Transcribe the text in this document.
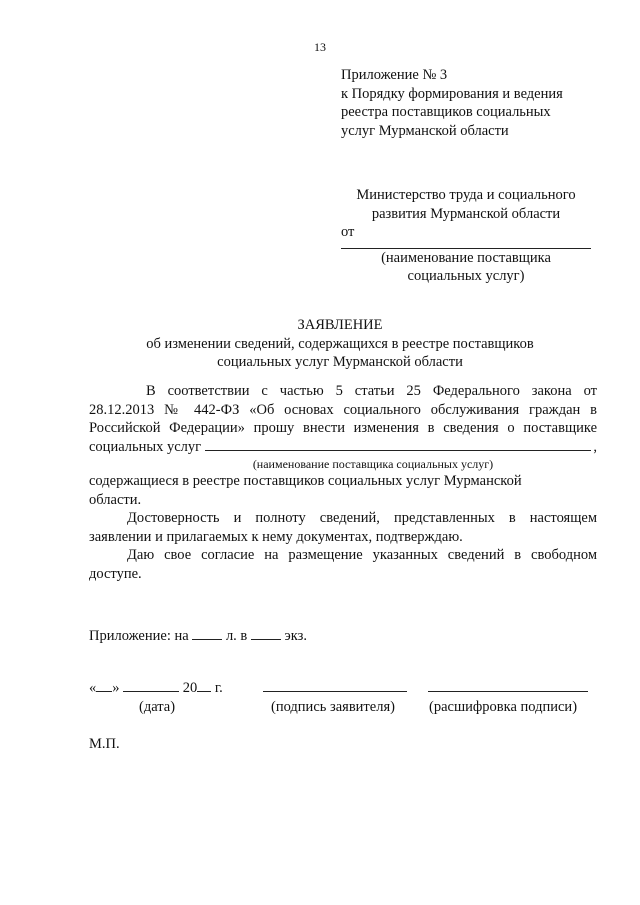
13
Приложение № 3
к Порядку формирования и ведения
реестра поставщиков социальных
услуг Мурманской области
Министерство труда и социального
развития Мурманской области
от
(наименование поставщика
социальных услуг)
ЗАЯВЛЕНИЕ
об изменении сведений, содержащихся в реестре поставщиков
социальных услуг Мурманской области
В соответствии с частью 5 статьи 25 Федерального закона от
28.12.2013 № 442-ФЗ «Об основах социального обслуживания граждан в
Российской Федерации» прошу внести изменения в сведения о поставщике
социальных услуг	,
(наименование поставщика социальных услуг)
содержащиеся в реестре поставщиков социальных услуг Мурманской
области.
Достоверность и полноту сведений, представленных в настоящем
заявлении и прилагаемых к нему документах, подтверждаю.
Даю свое согласие на размещение указанных сведений в свободном
доступе.
Приложение: на	л. в	экз.
« »	20 г.
(дата)	(подпись заявителя) (расшифровка подписи)
М.П.
